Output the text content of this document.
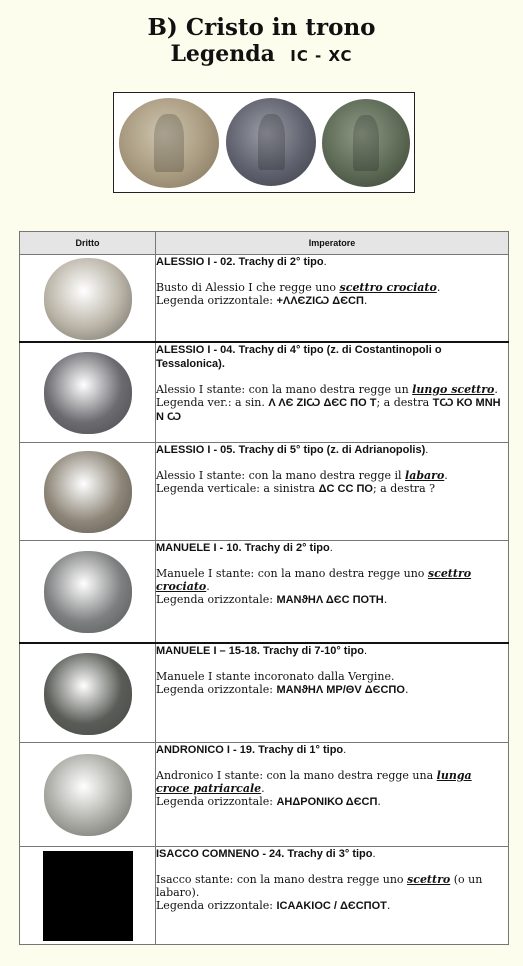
B) Cristo in trono
Legenda IC - XC
Dritto	Imperatore

	ALESSIO I - 02. Trachy di 2° tipo.
Busto di Alessio I che regge uno scettro crociato.
Legenda orizzontale: +ΛΛЄΖΙѠ ΔЄСП.

	ALESSIO I - 04. Trachy di 4° tipo (z. di Costantinopoli o Tessalonica).
Alessio I stante: con la mano destra regge un lungo scettro.
Legenda ver.: a sin. Λ ΛЄ ΖΙѠ ΔЄС ΠΟ Τ; a destra ΤѠ ΚΟ ΜΝΗ Ν Ѡ

	ALESSIO I - 05. Trachy di 5° tipo (z. di Adrianopolis).
Alessio I stante: con la mano destra regge il labaro.
Legenda verticale: a sinistra ΔС СС ΠΟ; a destra ?

	MANUELE I - 10. Trachy di 2° tipo.
Manuele I stante: con la mano destra regge uno scettro crociato.
Legenda orizzontale: ΜΑΝϑΗΛ ΔЄС ΠΟΤΗ.

	MANUELE I – 15-18. Trachy di 7-10° tipo.
Manuele I stante incoronato dalla Vergine.
Legenda orizzontale: ΜΑΝϑΗΛ ΜΡ/ΘV ΔЄСΠΟ.

	ANDRONICO I - 19. Trachy di 1° tipo.
Andronico I stante: con la mano destra regge una lunga croce patriarcale.
Legenda orizzontale: ΑΗΔΡΟΝΙΚΟ ΔЄСΠ.

	ISACCO COMNENO - 24. Trachy di 3° tipo.
Isacco stante: con la mano destra regge uno scettro (o un labaro).
Legenda orizzontale: ΙСΑΑΚΙΟС / ΔЄСΠΟΤ.
